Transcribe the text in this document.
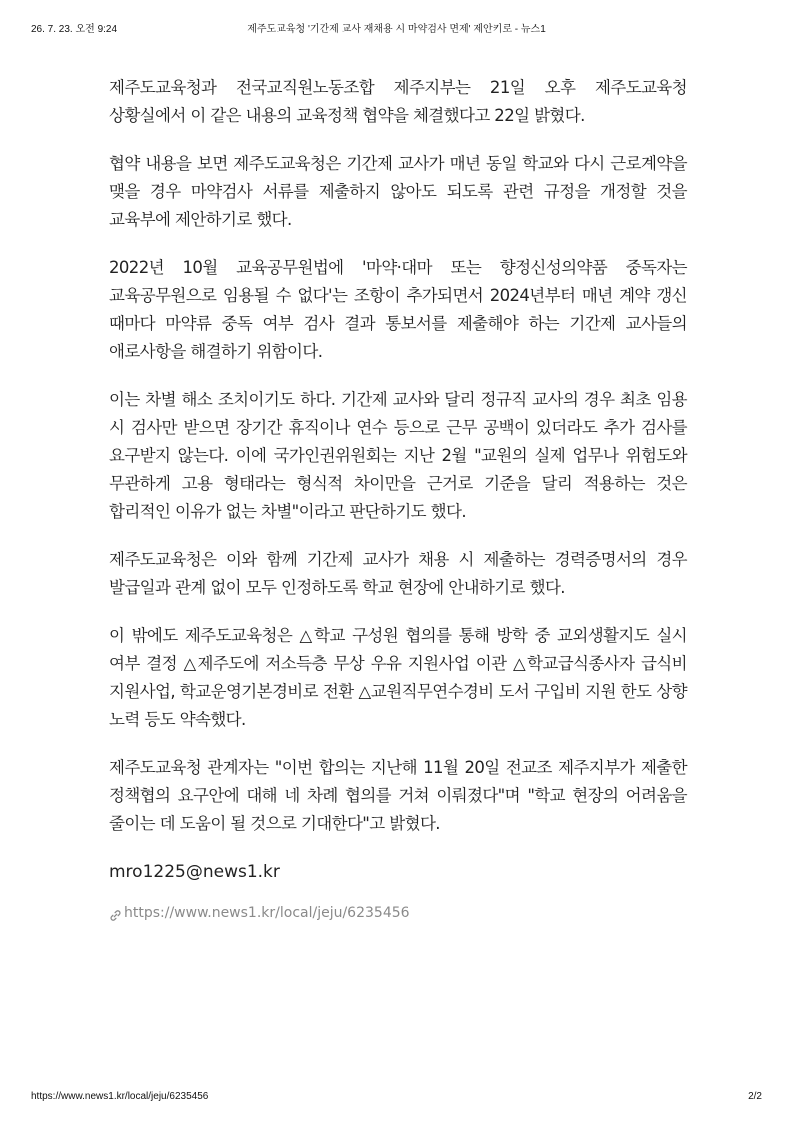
26. 7. 23. 오전 9:24	제주도교육청 '기간제 교사 재채용 시 마약검사 면제' 제안키로 - 뉴스1

제주도교육청과 전국교직원노동조합 제주지부는 21일 오후 제주도교육청 상황실에서 이 같은 내용의 교육정책 협약을 체결했다고 22일 밝혔다.

협약 내용을 보면 제주도교육청은 기간제 교사가 매년 동일 학교와 다시 근로계약을 맺을 경우 마약검사 서류를 제출하지 않아도 되도록 관련 규정을 개정할 것을 교육부에 제안하기로 했다.

2022년 10월 교육공무원법에 '마약·대마 또는 향정신성의약품 중독자는 교육공무원으로 임용될 수 없다'는 조항이 추가되면서 2024년부터 매년 계약 갱신 때마다 마약류 중독 여부 검사 결과 통보서를 제출해야 하는 기간제 교사들의 애로사항을 해결하기 위함이다.

이는 차별 해소 조치이기도 하다. 기간제 교사와 달리 정규직 교사의 경우 최초 임용 시 검사만 받으면 장기간 휴직이나 연수 등으로 근무 공백이 있더라도 추가 검사를 요구받지 않는다. 이에 국가인권위원회는 지난 2월 "교원의 실제 업무나 위험도와 무관하게 고용 형태라는 형식적 차이만을 근거로 기준을 달리 적용하는 것은 합리적인 이유가 없는 차별"이라고 판단하기도 했다.

제주도교육청은 이와 함께 기간제 교사가 채용 시 제출하는 경력증명서의 경우 발급일과 관계 없이 모두 인정하도록 학교 현장에 안내하기로 했다.

이 밖에도 제주도교육청은 △학교 구성원 협의를 통해 방학 중 교외생활지도 실시 여부 결정 △제주도에 저소득층 무상 우유 지원사업 이관 △학교급식종사자 급식비 지원사업, 학교운영기본경비로 전환 △교원직무연수경비 도서 구입비 지원 한도 상향 노력 등도 약속했다.

제주도교육청 관계자는 "이번 합의는 지난해 11월 20일 전교조 제주지부가 제출한 정책협의 요구안에 대해 네 차례 협의를 거쳐 이뤄졌다"며 "학교 현장의 어려움을 줄이는 데 도움이 될 것으로 기대한다"고 밝혔다.

mro1225@news1.kr

https://www.news1.kr/local/jeju/6235456
https://www.news1.kr/local/jeju/6235456	2/2
